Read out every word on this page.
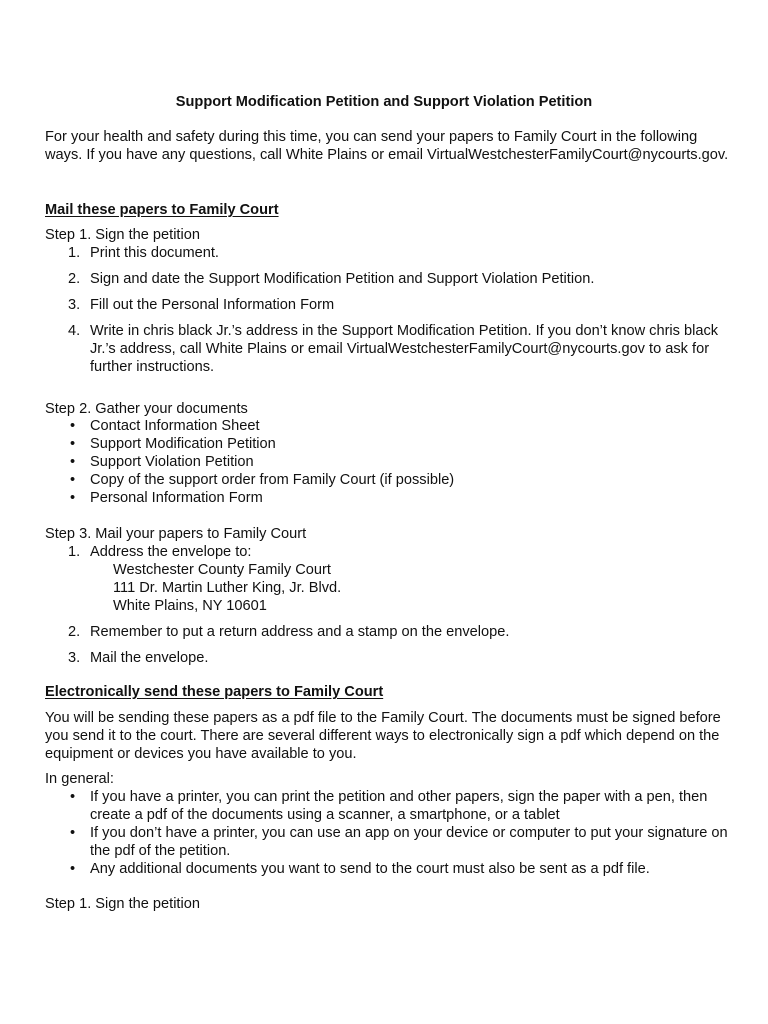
Support Modification Petition and Support Violation Petition

For your health and safety during this time, you can send your papers to Family Court in the following ways. If you have any questions, call White Plains or email VirtualWestchesterFamilyCourt@nycourts.gov.

Mail these papers to Family Court

Step 1. Sign the petition

1. Print this document.
2. Sign and date the Support Modification Petition and Support Violation Petition.
3. Fill out the Personal Information Form
4. Write in chris black Jr.’s address in the Support Modification Petition. If you don’t know chris black Jr.’s address, call White Plains or email VirtualWestchesterFamilyCourt@nycourts.gov to ask for further instructions.

Step 2. Gather your documents

• Contact Information Sheet
• Support Modification Petition
• Support Violation Petition
• Copy of the support order from Family Court (if possible)
• Personal Information Form

Step 3. Mail your papers to Family Court

1. Address the envelope to:
Westchester County Family Court
111 Dr. Martin Luther King, Jr. Blvd.
White Plains, NY 10601
2. Remember to put a return address and a stamp on the envelope.
3. Mail the envelope.
Electronically send these papers to Family Court

You will be sending these papers as a pdf file to the Family Court. The documents must be signed before you send it to the court. There are several different ways to electronically sign a pdf which depend on the equipment or devices you have available to you.

In general:

• If you have a printer, you can print the petition and other papers, sign the paper with a pen, then create a pdf of the documents using a scanner, a smartphone, or a tablet
• If you don’t have a printer, you can use an app on your device or computer to put your signature on the pdf of the petition.
• Any additional documents you want to send to the court must also be sent as a pdf file.

Step 1. Sign the petition
